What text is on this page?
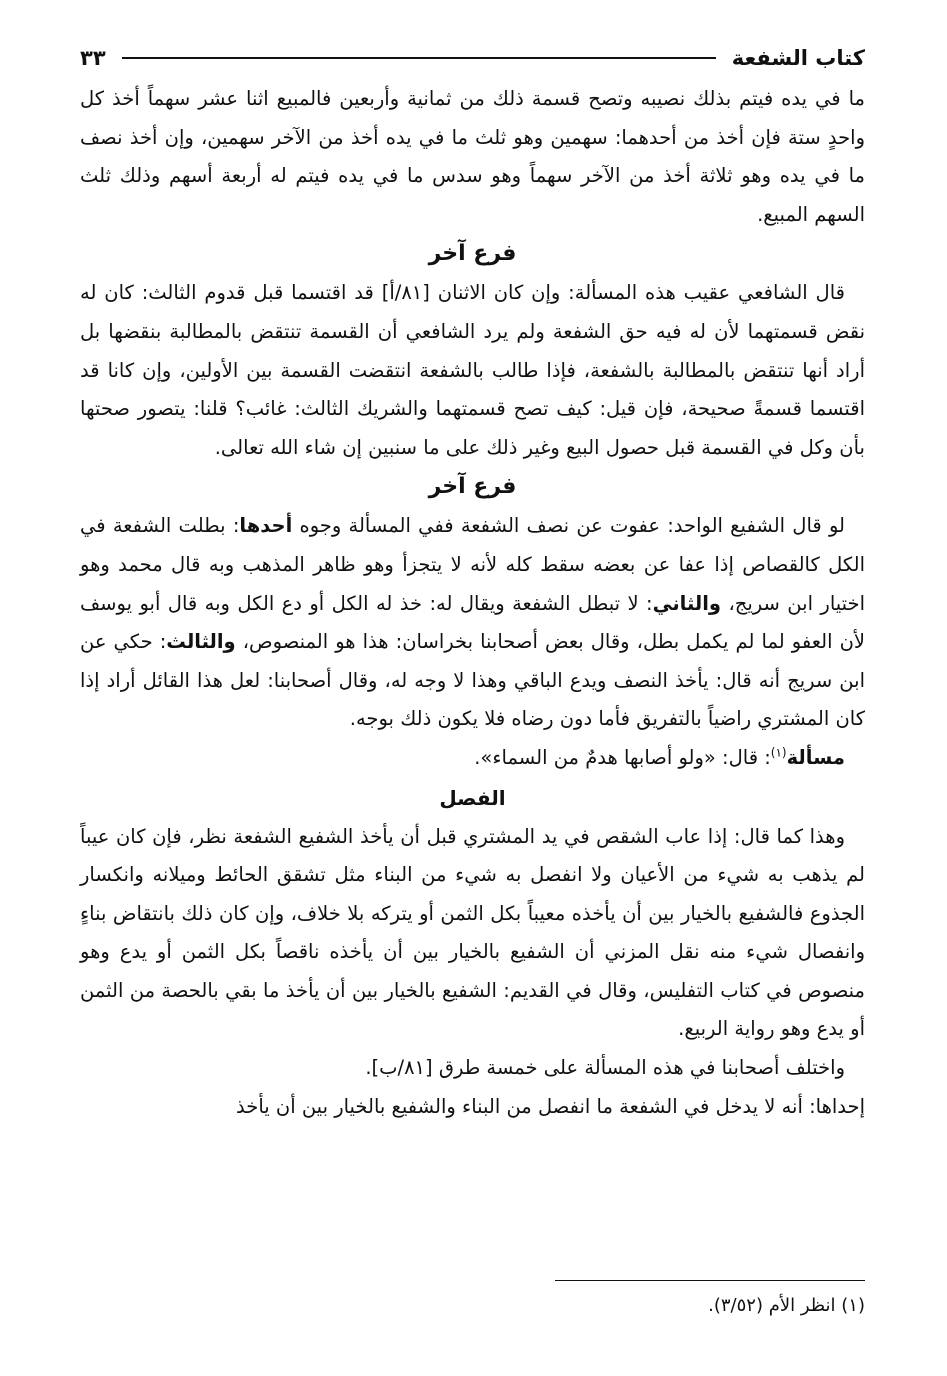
كتاب الشفعة
٣٣

ما في يده فيتم بذلك نصيبه وتصح قسمة ذلك من ثمانية وأربعين فالمبيع اثنا عشر سهماً أخذ كل واحدٍ ستة فإن أخذ من أحدهما: سهمين وهو ثلث ما في يده أخذ من الآخر سهمين، وإن أخذ نصف ما في يده وهو ثلاثة أخذ من الآخر سهماً وهو سدس ما في يده فيتم له أربعة أسهم وذلك ثلث السهم المبيع.

فرع آخر

قال الشافعي عقيب هذه المسألة: وإن كان الاثنان [٨١/أ] قد اقتسما قبل قدوم الثالث: كان له نقض قسمتهما لأن له فيه حق الشفعة ولم يرد الشافعي أن القسمة تنتقض بالمطالبة بنقضها بل أراد أنها تنتقض بالمطالبة بالشفعة، فإذا طالب بالشفعة انتقضت القسمة بين الأولين، وإن كانا قد اقتسما قسمةً صحيحة، فإن قيل: كيف تصح قسمتهما والشريك الثالث: غائب؟ قلنا: يتصور صحتها بأن وكل في القسمة قبل حصول البيع وغير ذلك على ما سنبين إن شاء الله تعالى.

فرع آخر

لو قال الشفيع الواحد: عفوت عن نصف الشفعة ففي المسألة وجوه أحدها: بطلت الشفعة في الكل كالقصاص إذا عفا عن بعضه سقط كله لأنه لا يتجزأ وهو ظاهر المذهب وبه قال محمد وهو اختيار ابن سريج، والثاني: لا تبطل الشفعة ويقال له: خذ له الكل أو دع الكل وبه قال أبو يوسف لأن العفو لما لم يكمل بطل، وقال بعض أصحابنا بخراسان: هذا هو المنصوص، والثالث: حكي عن ابن سريج أنه قال: يأخذ النصف ويدع الباقي وهذا لا وجه له، وقال أصحابنا: لعل هذا القائل أراد إذا كان المشتري راضياً بالتفريق فأما دون رضاه فلا يكون ذلك بوجه.

مسألة$^{(١)}$: قال: «ولو أصابها هدمٌ من السماء».

الفصل

وهذا كما قال: إذا عاب الشقص في يد المشتري قبل أن يأخذ الشفيع الشفعة نظر، فإن كان عيباً لم يذهب به شيء من الأعيان ولا انفصل به شيء من البناء مثل تشقق الحائط وميلانه وانكسار الجذوع فالشفيع بالخيار بين أن يأخذه معيباً بكل الثمن أو يتركه بلا خلاف، وإن كان ذلك بانتقاض بناءٍ وانفصال شيء منه نقل المزني أن الشفيع بالخيار بين أن يأخذه ناقصاً بكل الثمن أو يدع وهو منصوص في كتاب التفليس، وقال في القديم: الشفيع بالخيار بين أن يأخذ ما بقي بالحصة من الثمن أو يدع وهو رواية الربيع.

واختلف أصحابنا في هذه المسألة على خمسة طرق [٨١/ب].

إحداها: أنه لا يدخل في الشفعة ما انفصل من البناء والشفيع بالخيار بين أن يأخذ

(١) انظر الأم (٣/٥٢).
